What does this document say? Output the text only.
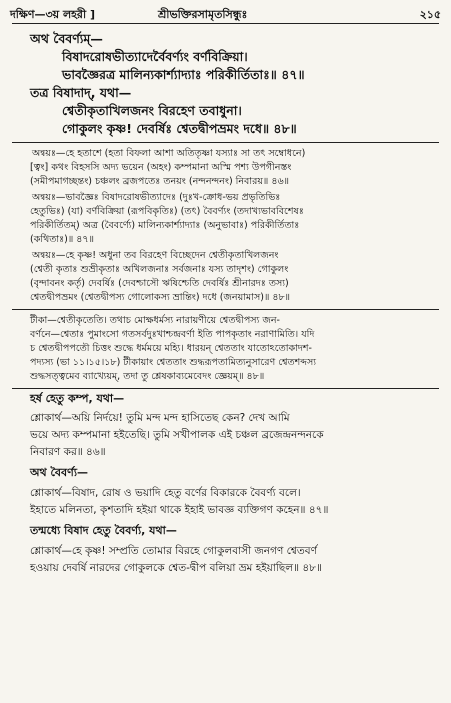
দক্ষিণ—৩য় লহরী ]	শ্রীভক্তিরসামৃতসিন্ধুঃ	২১৫
অথ বৈবর্ণ্যম্—
বিষাদরোষভীত্যাদের্বৈবর্ণ্যং বর্ণবিক্রিয়া।
ভাবজ্ঞৈরত্র মালিন্যকার্শ্যাদ্যাঃ পরিকীর্তিতাঃ॥ ৪৭॥
তত্র বিষাদাদ্, যথা—
শ্বেতীকৃতাখিলজনং বিরহেণ তবাধুনা।
গোকুলং কৃষ্ণ! দেবর্ষিঃ শ্বেতদ্বীপভ্রমং দধে॥ ৪৮॥
অন্বয়ঃ—হে হতাশে (হতা বিফলা আশা অতিতৃষ্ণা যস্যাঃ সা তৎ সম্বোধনে)
[ত্বং] কথং বিহসসি অদ্য ভয়েন (অহং) কম্পমানা অস্মি পশ্য উপগীনস্তং
(সমীপমাগচ্ছন্তং) চঞ্চলং ব্রজপতেঃ তনয়ং (নন্দনন্দনং) নিবারয়॥ ৪৬॥
অন্বয়ঃ—ভাবজ্ঞৈঃ বিষাদরোষভীত্যাদেঃ (দুঃখ-ক্রোধ-ভয় প্রভৃতিভিঃ
হেতুভিঃ) (যা) বর্ণবিক্রিয়া (রূপবিকৃতিঃ) (তৎ) বৈবর্ণ্যং (তদাখ্যভাববিশেষঃ
পরিকীর্তিতম্) অত্র (বৈবর্ণ্যে) মালিন্যকার্শ্যাদ্যাঃ (অনুভাবাঃ) পরিকীর্তিতাঃ
(কথিতাঃ)॥ ৪৭॥
অন্বয়ঃ—হে কৃষ্ণ! অধুনা তব বিরহেণ বিচ্ছেদেন শ্বেতীকৃতাখিলজনং
(শ্বেতী কৃতাঃ শুভ্রীকৃতাঃ অখিলজনাঃ সর্বজনাঃ যস্য তাদৃশং) গোকুলং
(বৃন্দাবনং কর্তৃ) দেবর্ষিঃ (দেবশ্চাসৌ ঋষিশ্চেতি দেবর্ষিঃ শ্রীনারদঃ তস্য)
শ্বেতদ্বীপভ্রমং (শ্বেতদ্বীপস্য গোলোকস্য ভ্রান্তিং) দধে (জনয়ামাস)॥ ৪৮॥
টীকা—শ্বেতীকৃতেতি। তথাচ মোক্ষধর্মস্য নারায়ণীয়ে শ্বেতদ্বীপস্য জন-
বর্ণনে—শ্বেতাঃ পুমাংসো গতসর্বদুঃখাশ্চন্দ্রবর্ণা ইতি পাপকৃতাং নরাণামিতি। যদি
চ শ্বেতদ্বীপপতৌ চিত্তং শুদ্ধে ধর্মময়ে মহ্যি। ধারয়ন্ শ্বেততাং যাতোঽতোকাদশ-
পদ্যস্য (ভা ১১।১৫।১৮) টীকায়াং শ্বেততাং শুদ্ধরূপতামিত্যনুসারেণ শ্বেতশব্দস্য
শুদ্ধসত্ত্বমেব ব্যাখ্যেয়ম্, তদা তু শ্লেষকাব্যমেবেদং জ্ঞেয়ম্॥ ৪৮॥
হর্ষ হেতু কম্প, যথা—
শ্লোকার্থ—অয়ি নির্দয়ে! তুমি মন্দ মন্দ হাসিতেছ কেন? দেখ আমি
ভয়ে অদ্য কম্পমানা হইতেছি। তুমি সখীপালক এই চঞ্চল ব্রজেন্দ্রনন্দনকে
নিবারণ কর॥ ৪৬॥
অথ বৈবর্ণ্য—
শ্লোকার্থ—বিষাদ, রোষ ও ভয়াদি হেতু বর্ণের বিকারকে বৈবর্ণ্য বলে।
ইহাতে মলিনতা, কৃশতাদি হইয়া থাকে ইহাই ভাবজ্ঞ ব্যক্তিগণ কহেন॥ ৪৭॥
তন্মধ্যে বিষাদ হেতু বৈবর্ণ্য, যথা—
শ্লোকার্থ—হে কৃষ্ণ! সম্প্রতি তোমার বিরহে গোকুলবাসী জনগণ শ্বেতবর্ণ
হওয়ায় দেবর্ষি নারদের গোকুলকে শ্বেত-দ্বীপ বলিয়া ভ্রম হইয়াছিল॥ ৪৮॥
